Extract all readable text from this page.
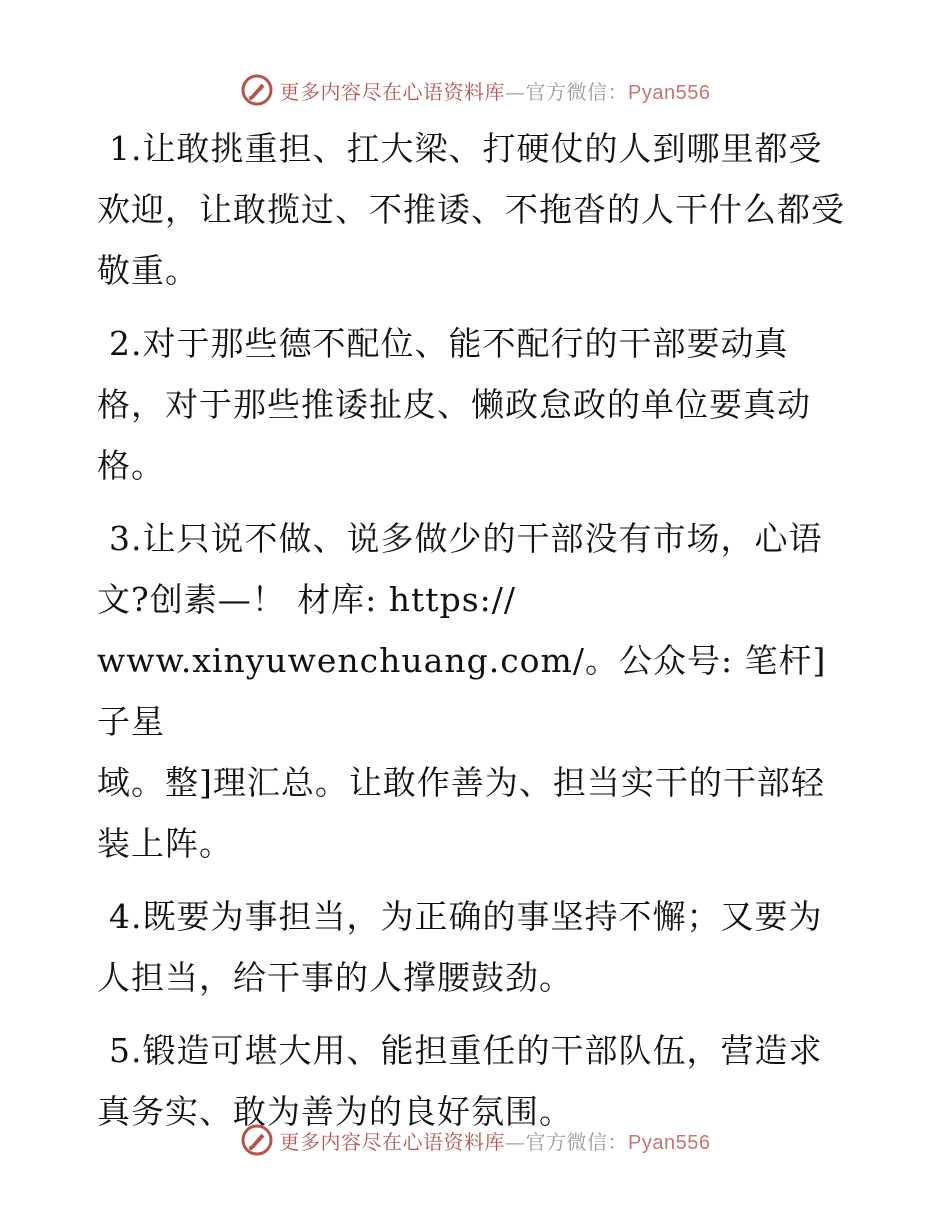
更多内容尽在心语资料库—官方微信：Pyan556
1.让敢挑重担、扛大梁、打硬仗的人到哪里都受
欢迎，让敢揽过、不推诿、不拖沓的人干什么都受
敬重。
2.对于那些德不配位、能不配行的干部要动真
格，对于那些推诿扯皮、懒政怠政的单位要真动
格。
3.让只说不做、说多做少的干部没有市场，心语
文?创素—！ 材库: https://
www.xinyuwenchuang.com/。公众号: 笔杆]子星
域。整]理汇总。让敢作善为、担当实干的干部轻
装上阵。
4.既要为事担当，为正确的事坚持不懈；又要为
人担当，给干事的人撑腰鼓劲。
5.锻造可堪大用、能担重任的干部队伍，营造求
真务实、敢为善为的良好氛围。
更多内容尽在心语资料库—官方微信：Pyan556
